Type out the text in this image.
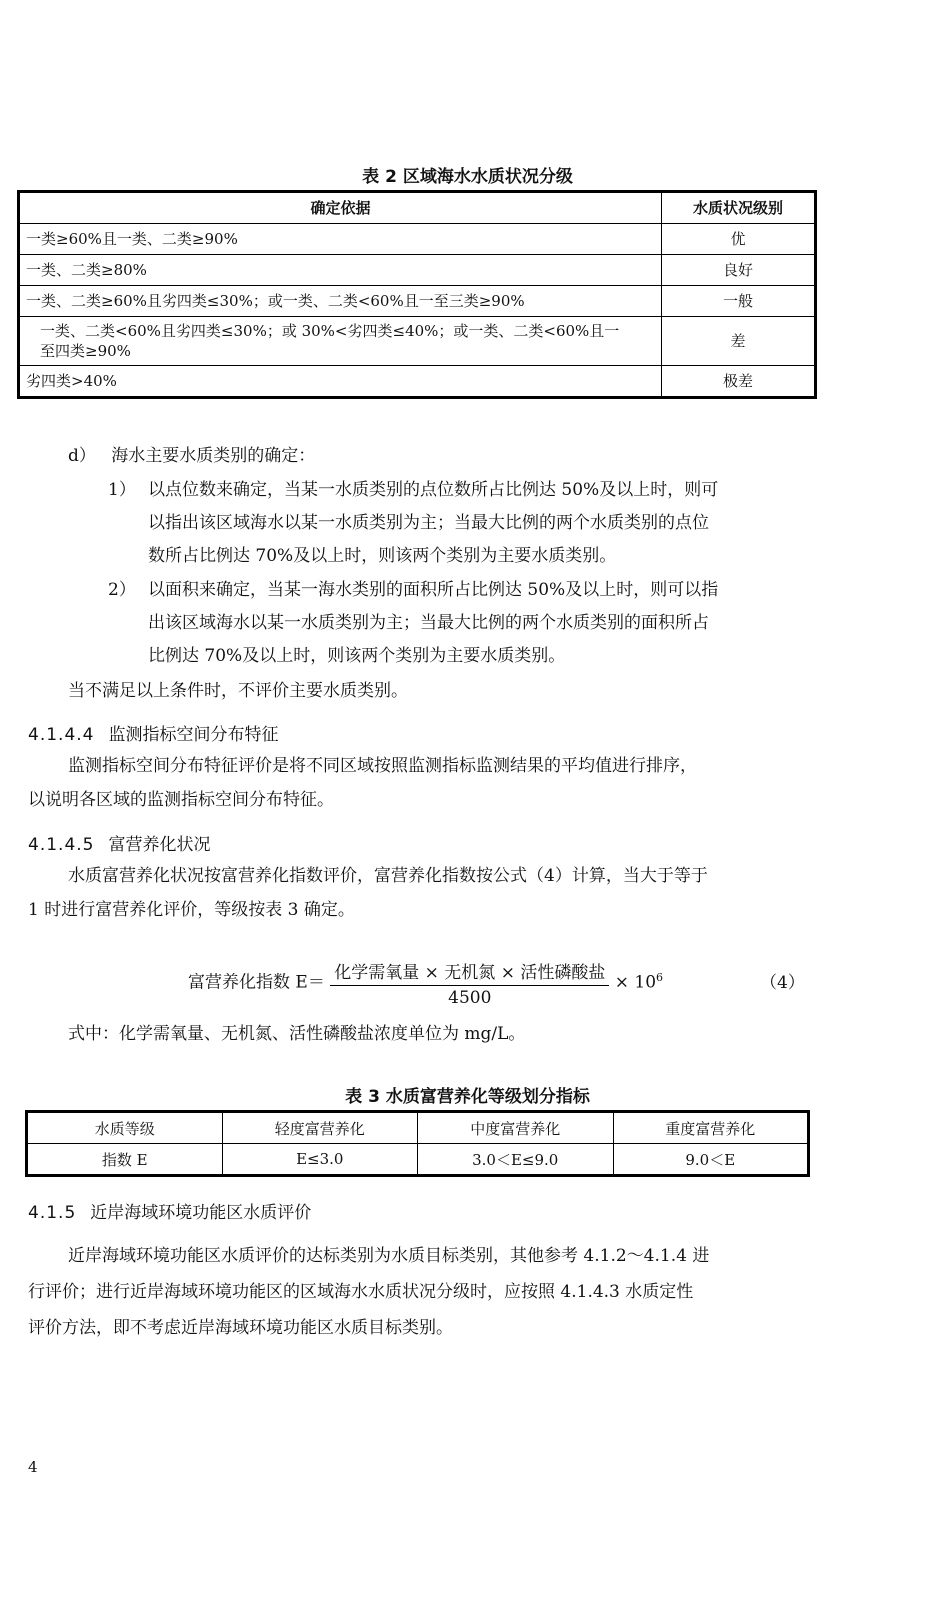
表 2 区域海水水质状况分级
确定依据	水质状况级别
一类≥60%且一类、二类≥90%	优
一类、二类≥80%	良好
一类、二类≥60%且劣四类≤30%；或一类、二类<60%且一至三类≥90%	一般

一类、二类<60%且劣四类≤30%；或 30%<劣四类≤40%；或一类、二类<60%且一
至四类≥90%	差
劣四类>40%	极差
d） 海水主要水质类别的确定：
1） 以点位数来确定，当某一水质类别的点位数所占比例达 50%及以上时，则可
以指出该区域海水以某一水质类别为主；当最大比例的两个水质类别的点位
数所占比例达 70%及以上时，则该两个类别为主要水质类别。
2） 以面积来确定，当某一海水类别的面积所占比例达 50%及以上时，则可以指
出该区域海水以某一水质类别为主；当最大比例的两个水质类别的面积所占
比例达 70%及以上时，则该两个类别为主要水质类别。
当不满足以上条件时，不评价主要水质类别。
4.1.4.4 监测指标空间分布特征
监测指标空间分布特征评价是将不同区域按照监测指标监测结果的平均值进行排序，
以说明各区域的监测指标空间分布特征。
4.1.4.5 富营养化状况
水质富营养化状况按富营养化指数评价，富营养化指数按公式（4）计算，当大于等于
1 时进行富营养化评价，等级按表 3 确定。
富营养化指数 $E= \frac{\text{化学需氧量 × 无机氮 × 活性磷酸盐}}{4500} \times 10^6$	（4）
式中：化学需氧量、无机氮、活性磷酸盐浓度单位为 mg/L。
表 3 水质富营养化等级划分指标
水质等级	轻度富营养化	中度富营养化	重度富营养化
指数 E	E≤3.0	3.0＜E≤9.0	9.0＜E
4.1.5 近岸海域环境功能区水质评价
近岸海域环境功能区水质评价的达标类别为水质目标类别，其他参考 4.1.2～4.1.4 进
行评价；进行近岸海域环境功能区的区域海水水质状况分级时，应按照 4.1.4.3 水质定性
评价方法，即不考虑近岸海域环境功能区水质目标类别。
4
